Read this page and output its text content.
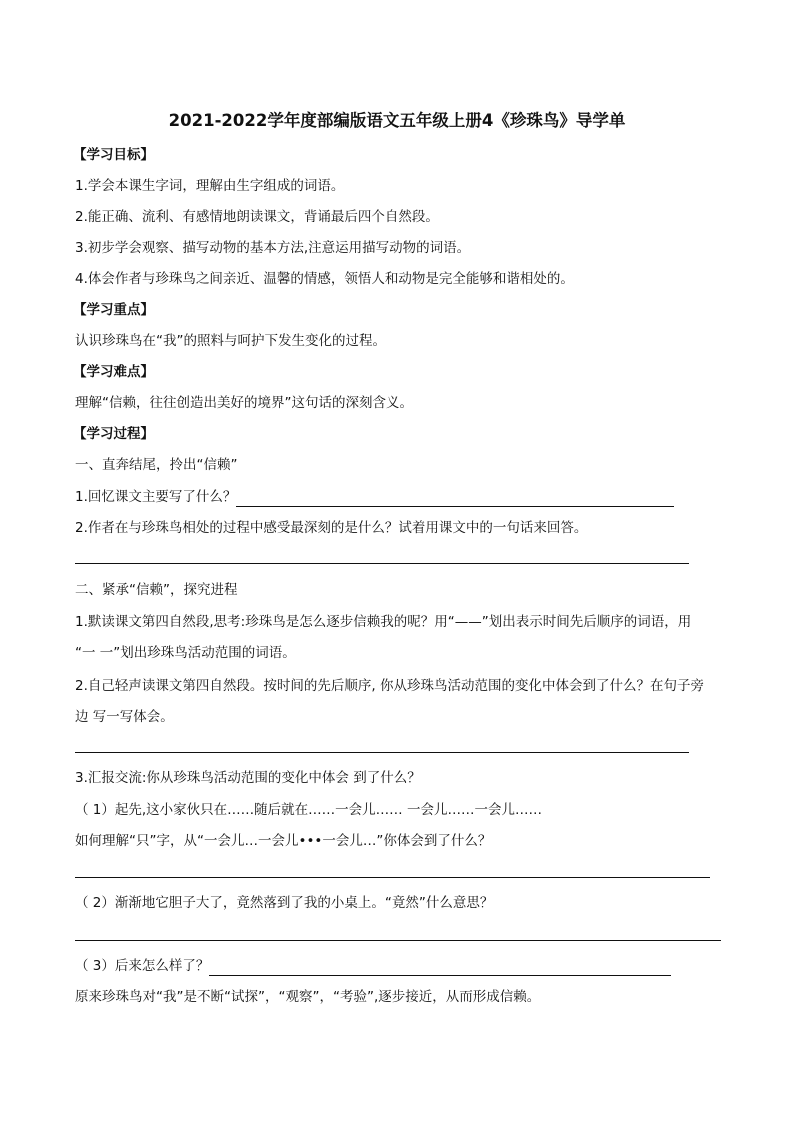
2021-2022学年度部编版语文五年级上册4《珍珠鸟》导学单
【学习目标】
1.学会本课生字词，理解由生字组成的词语。
2.能正确、流利、有感情地朗读课文，背诵最后四个自然段。
3.初步学会观察、描写动物的基本方法,注意运用描写动物的词语。
4.体会作者与珍珠鸟之间亲近、温馨的情感，领悟人和动物是完全能够和谐相处的。
【学习重点】
认识珍珠鸟在“我”的照料与呵护下发生变化的过程。
【学习难点】
理解“信赖，往往创造出美好的境界”这句话的深刻含义。
【学习过程】
一、直奔结尾，拎出“信赖”
1.回忆课文主要写了什么？
2.作者在与珍珠鸟相处的过程中感受最深刻的是什么？试着用课文中的一句话来回答。
二、紧承“信赖”，探究进程
1.默读课文第四自然段,思考:珍珠鸟是怎么逐步信赖我的呢？用“——”划出表示时间先后顺序的词语，用
“一 一”划出珍珠鸟活动范围的词语。
2.自己轻声读课文第四自然段。按时间的先后顺序, 你从珍珠鸟活动范围的变化中体会到了什么？在句子旁
边 写一写体会。
3.汇报交流:你从珍珠鸟活动范围的变化中体会 到了什么？
（ 1）起先,这小家伙只在……随后就在……一会儿…… 一会儿……一会儿……
如何理解“只”字，从“一会儿…一会儿•••一会儿…”你体会到了什么？
（ 2）渐渐地它胆子大了，竟然落到了我的小桌上。“竟然”什么意思？
（ 3）后来怎么样了？
原来珍珠鸟对“我”是不断“试探”，“观察”，“考验”,逐步接近，从而形成信赖。
